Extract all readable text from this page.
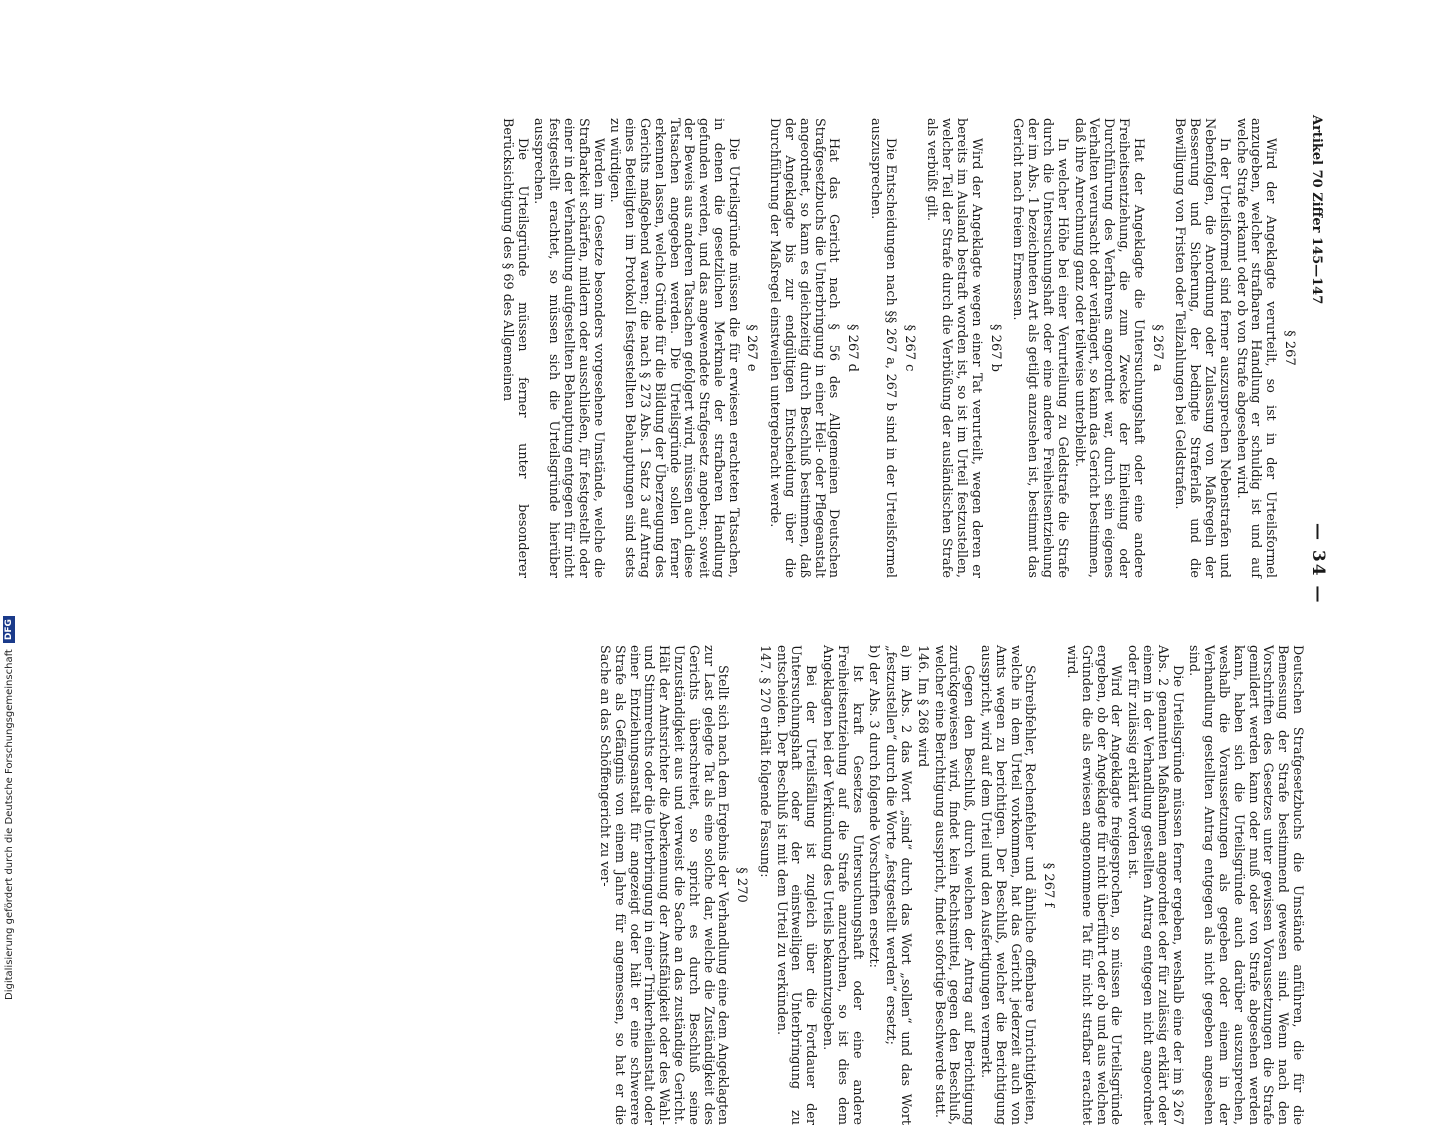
Artikel 70 Ziffer 145—147
— 34 —
§ 267
Wird der Angeklagte verurteilt, so ist in der Urteilsformel anzugeben, welcher strafbaren Handlung er schuldig ist und auf welche Strafe erkannt oder ob von Strafe abgesehen wird.
In der Urteilsformel sind ferner auszusprechen Nebenstrafen und Nebenfolgen, die Anordnung oder Zulassung von Maßregeln der Besserung und Sicherung, der bedingte Straferlaß und die Bewilligung von Fristen oder Teilzahlungen bei Geldstrafen.
§ 267 a
Hat der Angeklagte die Untersuchungshaft oder eine andere Freiheitsentziehung, die zum Zwecke der Einleitung oder Durchführung des Verfahrens angeordnet war, durch sein eigenes Verhalten verursacht oder verlängert, so kann das Gericht bestimmen, daß ihre Anrechnung ganz oder teilweise unterbleibt.
In welcher Höhe bei einer Verurteilung zu Geldstrafe die Strafe durch die Untersuchungshaft oder eine andere Freiheitsentziehung der im Abs. 1 bezeichneten Art als getilgt anzusehen ist, bestimmt das Gericht nach freiem Ermessen.
§ 267 b
Wird der Angeklagte wegen einer Tat verurteilt, wegen deren er bereits im Ausland bestraft worden ist, so ist im Urteil festzustellen, welcher Teil der Strafe durch die Verbüßung der ausländischen Strafe als verbüßt gilt.
§ 267 c
Die Entscheidungen nach §§ 267 a, 267 b sind in der Urteilsformel auszusprechen.
§ 267 d
Hat das Gericht nach § 56 des Allgemeinen Deutschen Strafgesetzbuchs die Unterbringung in einer Heil- oder Pflegeanstalt angeordnet, so kann es gleichzeitig durch Beschluß bestimmen, daß der Angeklagte bis zur endgültigen Entscheidung über die Durchführung der Maßregel einstweilen untergebracht werde.
§ 267 e
Die Urteilsgründe müssen die für erwiesen erachteten Tatsachen, in denen die gesetzlichen Merkmale der strafbaren Handlung gefunden werden, und das angewendete Strafgesetz angeben; soweit der Beweis aus anderen Tatsachen gefolgert wird, müssen auch diese Tatsachen angegeben werden. Die Urteilsgründe sollen ferner erkennen lassen, welche Gründe für die Bildung der Überzeugung des Gerichts maßgebend waren; die nach § 273 Abs. 1 Satz 3 auf Antrag eines Beteiligten im Protokoll festgestellten Behauptungen sind stets zu würdigen.
Werden im Gesetze besonders vorgesehene Umstände, welche die Strafbarkeit schärfen, mildern oder ausschließen, für festgestellt oder einer in der Verhandlung aufgestellten Behauptung entgegen für nicht festgestellt erachtet, so müssen sich die Urteilsgründe hierüber aussprechen.
Die Urteilsgründe müssen ferner unter besonderer Berücksichtigung des § 69 des Allgemeinen
Deutschen Strafgesetzbuchs die Umstände anführen, die für die Bemessung der Strafe bestimmend gewesen sind. Wenn nach den Vorschriften des Gesetzes unter gewissen Voraussetzungen die Strafe gemildert werden kann oder muß oder von Strafe abgesehen werden kann, haben sich die Urteilsgründe auch darüber auszusprechen, weshalb die Voraussetzungen als gegeben oder einem in der Verhandlung gestellten Antrag entgegen als nicht gegeben angesehen sind.
Die Urteilsgründe müssen ferner ergeben, weshalb eine der im § 267 Abs. 2 genannten Maßnahmen angeordnet oder für zulässig erklärt oder einem in der Verhandlung gestellten Antrag entgegen nicht angeordnet oder für zulässig erklärt worden ist.
Wird der Angeklagte freigesprochen, so müssen die Urteilsgründe ergeben, ob der Angeklagte für nicht überführt oder ob und aus welchen Gründen die als erwiesen angenommene Tat für nicht strafbar erachtet wird.
§ 267 f
Schreibfehler, Rechenfehler und ähnliche offenbare Unrichtigkeiten, welche in dem Urteil vorkommen, hat das Gericht jederzeit auch von Amts wegen zu berichtigen. Der Beschluß, welcher die Berichtigung ausspricht, wird auf dem Urteil und den Ausfertigungen vermerkt.
Gegen den Beschluß, durch welchen der Antrag auf Berichtigung zurückgewiesen wird, findet kein Rechtsmittel, gegen den Beschluß, welcher eine Berichtigung ausspricht, findet sofortige Beschwerde statt.
146. Im § 268 wird
a) im Abs. 2 das Wort „sind“ durch das Wort „sollen“ und das Wort „festzustellen“ durch die Worte „festgestellt werden“ ersetzt;
b) der Abs. 3 durch folgende Vorschriften ersetzt:
Ist kraft Gesetzes Untersuchungshaft oder eine andere Freiheitsentziehung auf die Strafe anzurechnen, so ist dies dem Angeklagten bei der Verkündung des Urteils bekanntzugeben.
Bei der Urteilsfällung ist zugleich über die Fortdauer der Untersuchungshaft oder der einstweiligen Unterbringung zu entscheiden. Der Beschluß ist mit dem Urteil zu verkünden.
147. § 270 erhält folgende Fassung:
§ 270
Stellt sich nach dem Ergebnis der Verhandlung eine dem Angeklagten zur Last gelegte Tat als eine solche dar, welche die Zuständigkeit des Gerichts überschreitet, so spricht es durch Beschluß seine Unzuständigkeit aus und verweist die Sache an das zuständige Gericht. Hält der Amtsrichter die Aberkennung der Amtsfähigkeit oder des Wahl- und Stimmrechts oder die Unterbringung in einer Trinkerheilanstalt oder einer Entziehungsanstalt für angezeigt oder hält er eine schwerere Strafe als Gefängnis von einem Jahre für angemessen, so hat er die Sache an das Schöffengericht zu ver-
Digitalisierung gefördert durch die Deutsche Forschungsgemeinschaft
DFG
